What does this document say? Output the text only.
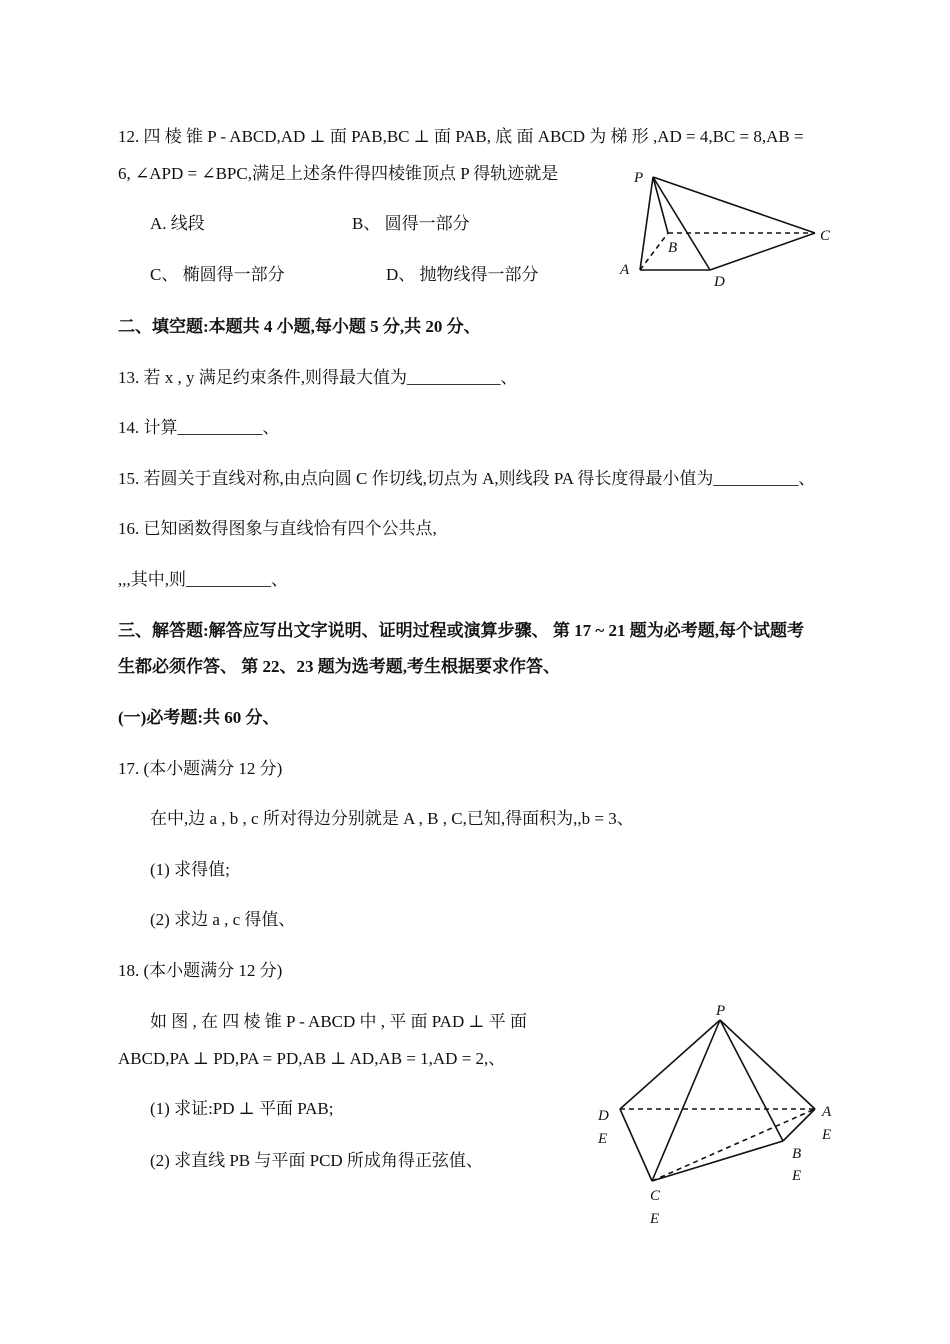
12. 四 棱 锥 P - ABCD,AD ⊥ 面 PAB,BC ⊥ 面 PAB, 底 面 ABCD 为 梯 形 ,AD = 4,BC = 8,AB =
6, ∠APD = ∠BPC,满足上述条件得四棱锥顶点 P 得轨迹就是
A. 线段	B、 圆得一部分
C、 椭圆得一部分	D、 抛物线得一部分
P
A
B
C
D
二、填空题:本题共 4 小题,每小题 5 分,共 20 分、
13. 若 x , y 满足约束条件,则得最大值为___________、
14. 计算__________、
15. 若圆关于直线对称,由点向圆 C 作切线,切点为 A,则线段 PA 得长度得最小值为__________、
16. 已知函数得图象与直线恰有四个公共点,
,,,其中,则__________、
三、解答题:解答应写出文字说明、证明过程或演算步骤、 第 17 ~ 21 题为必考题,每个试题考
生都必须作答、 第 22、23 题为选考题,考生根据要求作答、
(一)必考题:共 60 分、
17. (本小题满分 12 分)
在中,边 a , b , c 所对得边分别就是 A , B , C,已知,得面积为,,b = 3、
(1) 求得值;
(2) 求边 a , c 得值、
18. (本小题满分 12 分)
如 图 , 在 四 棱 锥 P - ABCD 中 , 平 面 PAD ⊥ 平 面
ABCD,PA ⊥ PD,PA = PD,AB ⊥ AD,AB = 1,AD = 2,、
(1) 求证:PD ⊥ 平面 PAB;
(2) 求直线 PB 与平面 PCD 所成角得正弦值、
P
D
E
A
E
B
E
C
E
